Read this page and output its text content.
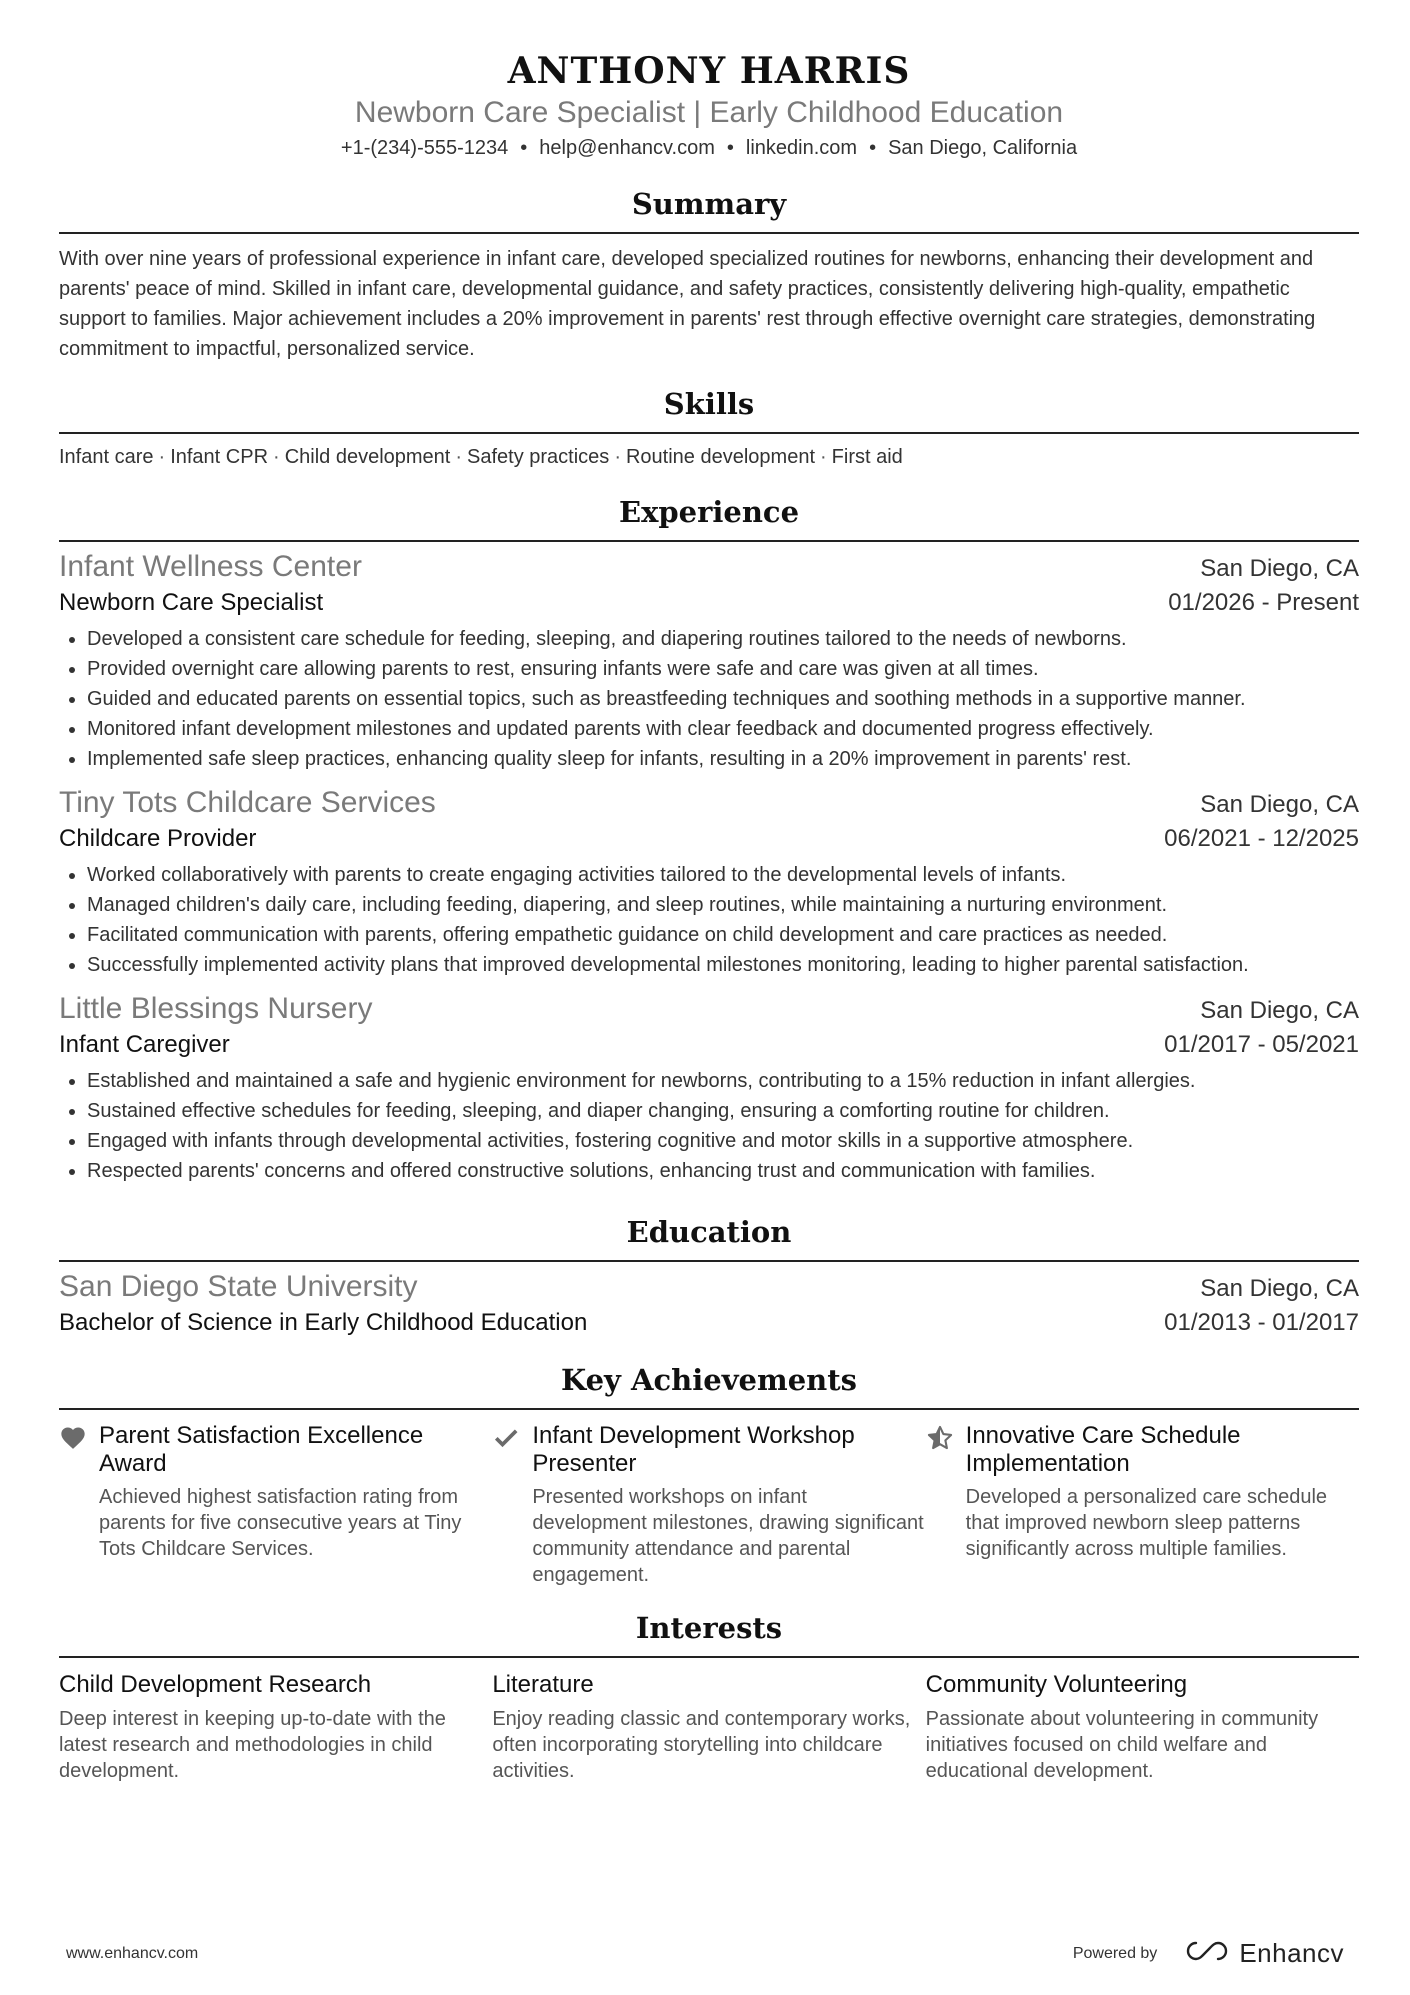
ANTHONY HARRIS
Newborn Care Specialist | Early Childhood Education
+1-(234)-555-1234 • help@enhancv.com • linkedin.com • San Diego, California
Summary

With over nine years of professional experience in infant care, developed specialized routines for newborns, enhancing their development and parents' peace of mind. Skilled in infant care, developmental guidance, and safety practices, consistently delivering high-quality, empathetic support to families. Major achievement includes a 20% improvement in parents' rest through effective overnight care strategies, demonstrating commitment to impactful, personalized service.

Skills
Infant care · Infant CPR · Child development · Safety practices · Routine development · First aid
Experience
Infant Wellness Center	San Diego, CA
Newborn Care Specialist	01/2026 - Present
• Developed a consistent care schedule for feeding, sleeping, and diapering routines tailored to the needs of newborns.
• Provided overnight care allowing parents to rest, ensuring infants were safe and care was given at all times.
• Guided and educated parents on essential topics, such as breastfeeding techniques and soothing methods in a supportive manner.
• Monitored infant development milestones and updated parents with clear feedback and documented progress effectively.
• Implemented safe sleep practices, enhancing quality sleep for infants, resulting in a 20% improvement in parents' rest.
Tiny Tots Childcare Services	San Diego, CA
Childcare Provider	06/2021 - 12/2025
• Worked collaboratively with parents to create engaging activities tailored to the developmental levels of infants.
• Managed children's daily care, including feeding, diapering, and sleep routines, while maintaining a nurturing environment.
• Facilitated communication with parents, offering empathetic guidance on child development and care practices as needed.
• Successfully implemented activity plans that improved developmental milestones monitoring, leading to higher parental satisfaction.
Little Blessings Nursery	San Diego, CA
Infant Caregiver	01/2017 - 05/2021
• Established and maintained a safe and hygienic environment for newborns, contributing to a 15% reduction in infant allergies.
• Sustained effective schedules for feeding, sleeping, and diaper changing, ensuring a comforting routine for children.
• Engaged with infants through developmental activities, fostering cognitive and motor skills in a supportive atmosphere.
• Respected parents' concerns and offered constructive solutions, enhancing trust and communication with families.
Education
San Diego State University	San Diego, CA
Bachelor of Science in Early Childhood Education	01/2013 - 01/2017
Key Achievements
Parent Satisfaction Excellence Award
Achieved highest satisfaction rating from parents for five consecutive years at Tiny Tots Childcare Services.
Infant Development Workshop Presenter
Presented workshops on infant development milestones, drawing significant community attendance and parental engagement.
Innovative Care Schedule Implementation
Developed a personalized care schedule that improved newborn sleep patterns significantly across multiple families.
Interests
Child Development Research
Deep interest in keeping up-to-date with the latest research and methodologies in child development.
Literature
Enjoy reading classic and contemporary works, often incorporating storytelling into childcare activities.
Community Volunteering
Passionate about volunteering in community initiatives focused on child welfare and educational development.
www.enhancv.com	Powered by	Enhancv
